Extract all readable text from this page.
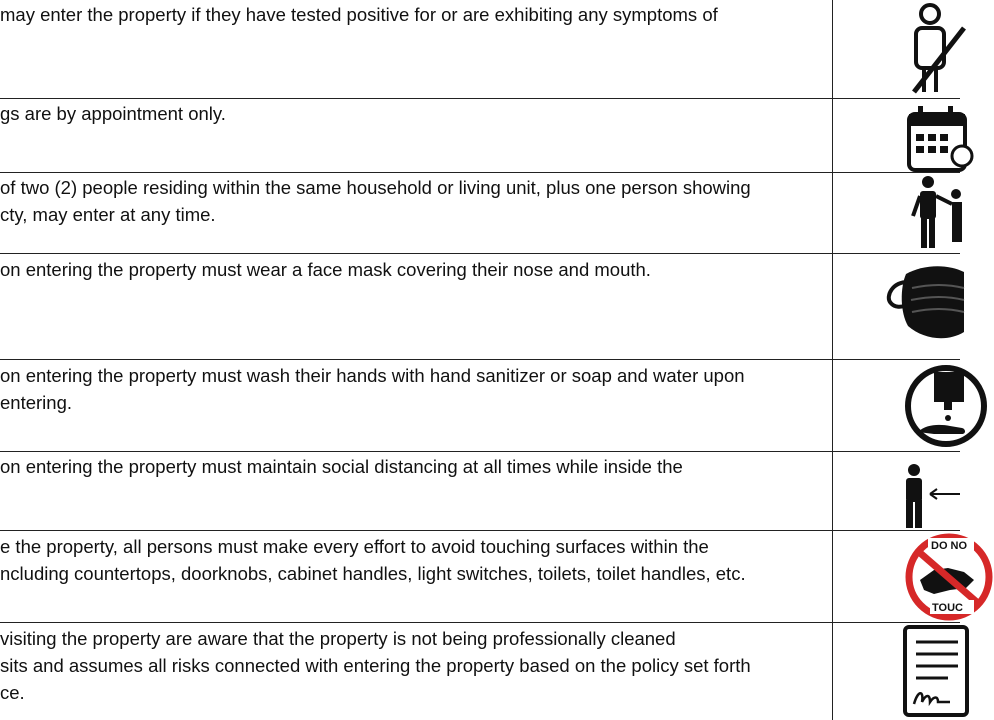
may enter the property if they have tested positive for or are exhibiting any symptoms of
gs are by appointment only.
of two (2) people residing within the same household or living unit, plus one person showing
cty, may enter at any time.
on entering the property must wear a face mask covering their nose and mouth.
on entering the property must wash their hands with hand sanitizer or soap and water upon
entering.
on entering the property must maintain social distancing at all times while inside the
e the property, all persons must make every effort to avoid touching surfaces within the
ncluding countertops, doorknobs, cabinet handles, light switches, toilets, toilet handles, etc.
DO NO
TOUC
visiting the property are aware that the property is not being professionally cleaned
sits and assumes all risks connected with entering the property based on the policy set forth
ce.
